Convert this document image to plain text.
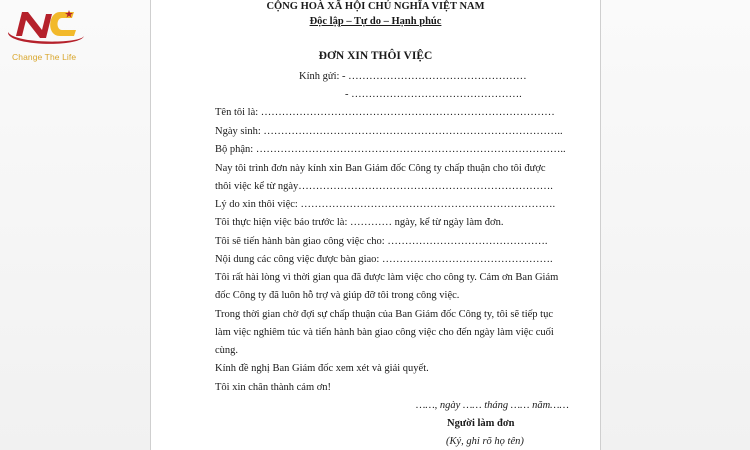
Change The Life
CỘNG HOÀ XÃ HỘI CHỦ NGHĨA VIỆT NAM
Độc lập – Tự do – Hạnh phúc
ĐƠN XIN THÔI VIỆC
Kính gửi: - ……………………………………………
- ………………………………………….
Tên tôi là: …………………………………………………………………………
Ngày sinh: …………………………………………………………………………..
Bộ phận: ……………………………………………………………………………..
Nay tôi trình đơn này kính xin Ban Giám đốc Công ty chấp thuận cho tôi được
thôi việc kể từ ngày……………………………………………………………….
Lý do xin thôi việc: ……………………………………………………………….
Tôi thực hiện việc báo trước là: ………… ngày, kể từ ngày làm đơn.
Tôi sẽ tiến hành bàn giao công việc cho: ……………………………………….
Nội dung các công việc được bàn giao: ………………………………………….
Tôi rất hài lòng vì thời gian qua đã được làm việc cho công ty. Cảm ơn Ban Giám
đốc Công ty đã luôn hỗ trợ và giúp đỡ tôi trong công việc.
Trong thời gian chờ đợi sự chấp thuận của Ban Giám đốc Công ty, tôi sẽ tiếp tục
làm việc nghiêm túc và tiến hành bàn giao công việc cho đến ngày làm việc cuối
cùng.
Kính đề nghị Ban Giám đốc xem xét và giải quyết.
Tôi xin chân thành cảm ơn!
……, ngày …… tháng …… năm……
Người làm đơn
(Ký, ghi rõ họ tên)
